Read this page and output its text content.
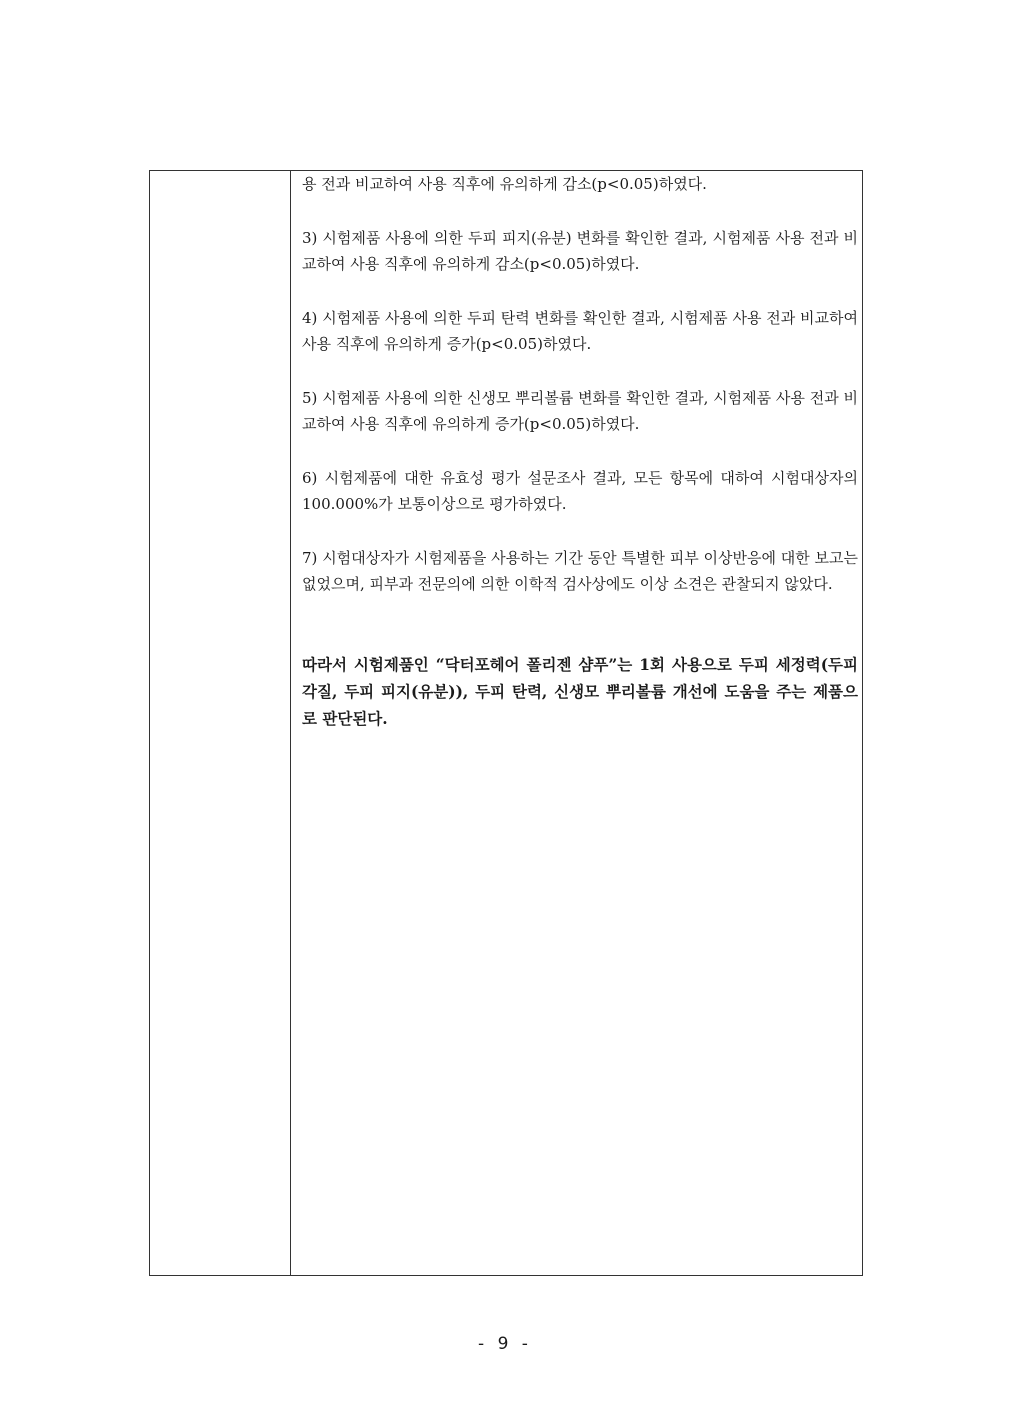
용 전과 비교하여 사용 직후에 유의하게 감소(p<0.05)하였다.

3) 시험제품 사용에 의한 두피 피지(유분) 변화를 확인한 결과, 시험제품 사용 전과 비교하여 사용 직후에 유의하게 감소(p<0.05)하였다.

4) 시험제품 사용에 의한 두피 탄력 변화를 확인한 결과, 시험제품 사용 전과 비교하여 사용 직후에 유의하게 증가(p<0.05)하였다.

5) 시험제품 사용에 의한 신생모 뿌리볼륨 변화를 확인한 결과, 시험제품 사용 전과 비교하여 사용 직후에 유의하게 증가(p<0.05)하였다.

6) 시험제품에 대한 유효성 평가 설문조사 결과, 모든 항목에 대하여 시험대상자의 100.000%가 보통이상으로 평가하였다.

7) 시험대상자가 시험제품을 사용하는 기간 동안 특별한 피부 이상반응에 대한 보고는 없었으며, 피부과 전문의에 의한 이학적 검사상에도 이상 소견은 관찰되지 않았다.

따라서 시험제품인 “닥터포헤어 폴리젠 샴푸”는 1회 사용으로 두피 세정력(두피 각질, 두피 피지(유분)), 두피 탄력, 신생모 뿌리볼륨 개선에 도움을 주는 제품으로 판단된다.

- 9 -
